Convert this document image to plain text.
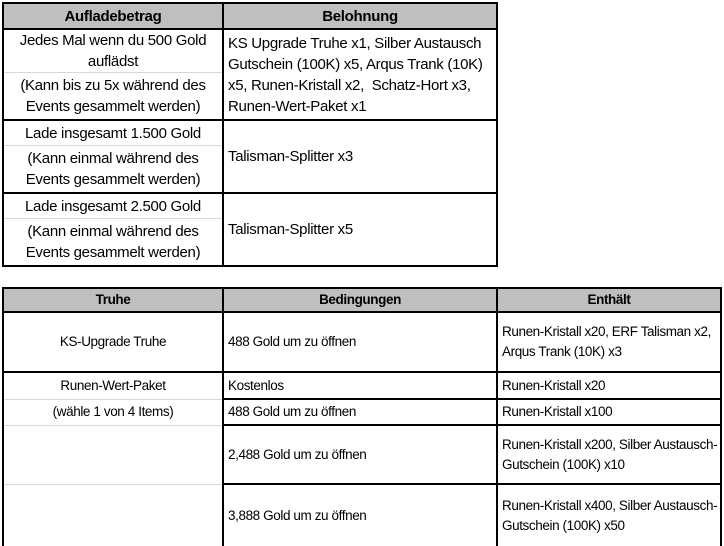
Aufladebetrag	Belohnung
Jedes Mal wenn du 500 Gold auflädst	KS Upgrade Truhe x1, Silber Austausch Gutschein (100K) x5, Arqus Trank (10K) x5, Runen-Kristall x2,  Schatz-Hort x3, Runen-Wert-Paket x1
(Kann bis zu 5x während des Events gesammelt werden)	
Lade insgesamt 1.500 Gold	Talisman-Splitter x3
(Kann einmal während des Events gesammelt werden)	
Lade insgesamt 2.500 Gold	Talisman-Splitter x5
(Kann einmal während des Events gesammelt werden)	
Truhe	Bedingungen	Enthält
KS-Upgrade Truhe	488 Gold um zu öffnen	Runen-Kristall x20, ERF Talisman x2, Arqus Trank (10K) x3
Runen-Wert-Paket	Kostenlos	Runen-Kristall x20
(wähle 1 von 4 Items)	488 Gold um zu öffnen	Runen-Kristall x100
	2,488 Gold um zu öffnen	Runen-Kristall x200, Silber Austausch-Gutschein (100K) x10
	3,888 Gold um zu öffnen	Runen-Kristall x400, Silber Austausch-Gutschein (100K) x50
